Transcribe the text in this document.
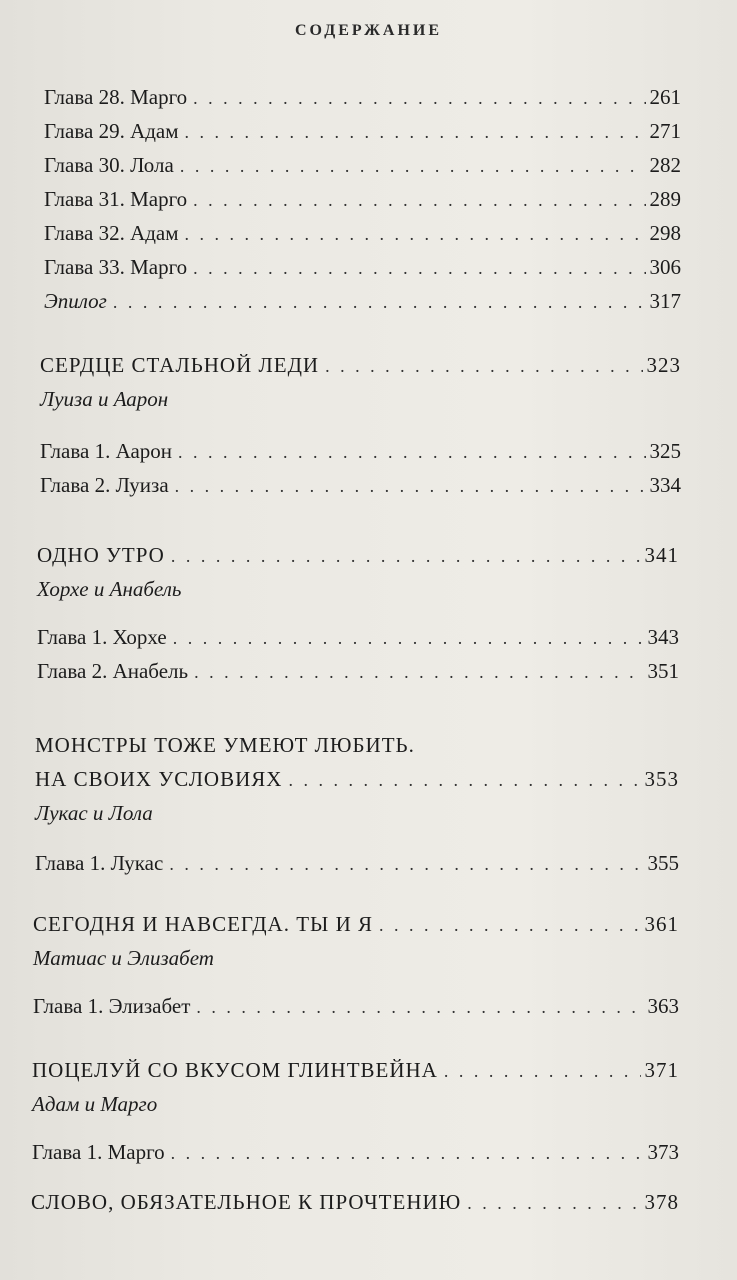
СОДЕРЖАНИЕ
Глава 28. Марго . . .	261
Глава 29. Адам . . .	271
Глава 30. Лола . . .	282
Глава 31. Марго . . .	289
Глава 32. Адам . . .	298
Глава 33. Марго . . .	306
Эпилог . . .	317
СЕРДЦЕ СТАЛЬНОЙ ЛЕДИ . . .	323
Луиза и Аарон
Глава 1. Аарон . . .	325
Глава 2. Луиза . . .	334
ОДНО УТРО . . .	341
Хорхе и Анабель
Глава 1. Хорхе . . .	343
Глава 2. Анабель . . .	351
МОНСТРЫ ТОЖЕ УМЕЮТ ЛЮБИТЬ.
НА СВОИХ УСЛОВИЯХ . . .	353
Лукас и Лола
Глава 1. Лукас . . .	355
СЕГОДНЯ И НАВСЕГДА. ТЫ И Я . . .	361
Матиас и Элизабет
Глава 1. Элизабет . . .	363
ПОЦЕЛУЙ СО ВКУСОМ ГЛИНТВЕЙНА . . .	371
Адам и Марго
Глава 1. Марго . . .	373
СЛОВО, ОБЯЗАТЕЛЬНОЕ К ПРОЧТЕНИЮ . . .	378
